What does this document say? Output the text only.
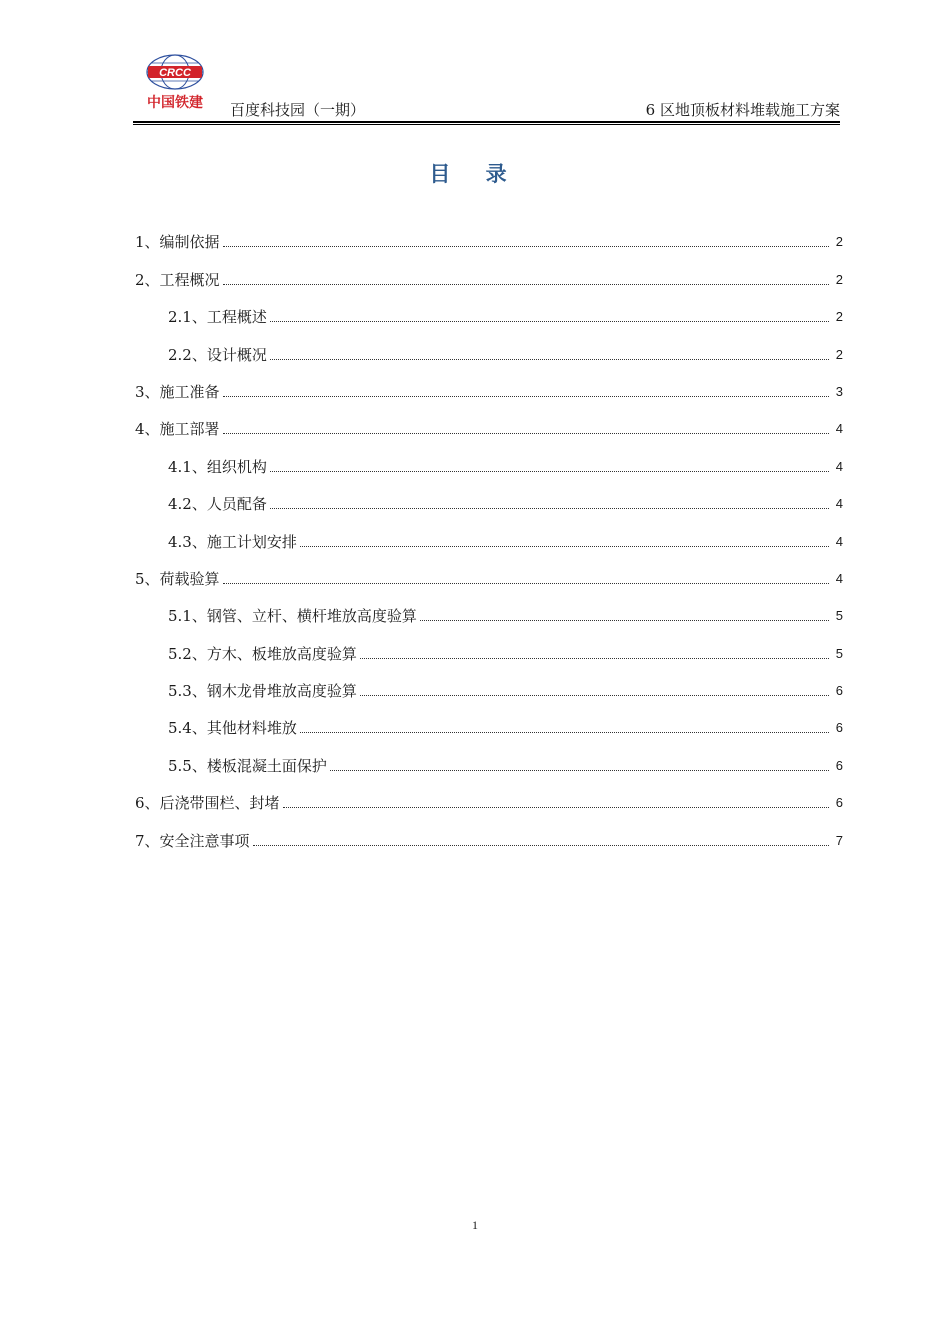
CRCC
中国铁建 百度科技园（一期）	6 区地顶板材料堆载施工方案
目 录
1、编制依据	2
2、工程概况	2
2.1、工程概述	2
2.2、设计概况	2
3、施工准备	3
4、施工部署	4
4.1、组织机构	4
4.2、人员配备	4
4.3、施工计划安排	4
5、荷载验算	4
5.1、钢管、立杆、横杆堆放高度验算	5
5.2、方木、板堆放高度验算	5
5.3、钢木龙骨堆放高度验算	6
5.4、其他材料堆放	6
5.5、楼板混凝土面保护	6
6、后浇带围栏、封堵	6
7、安全注意事项	7
1
